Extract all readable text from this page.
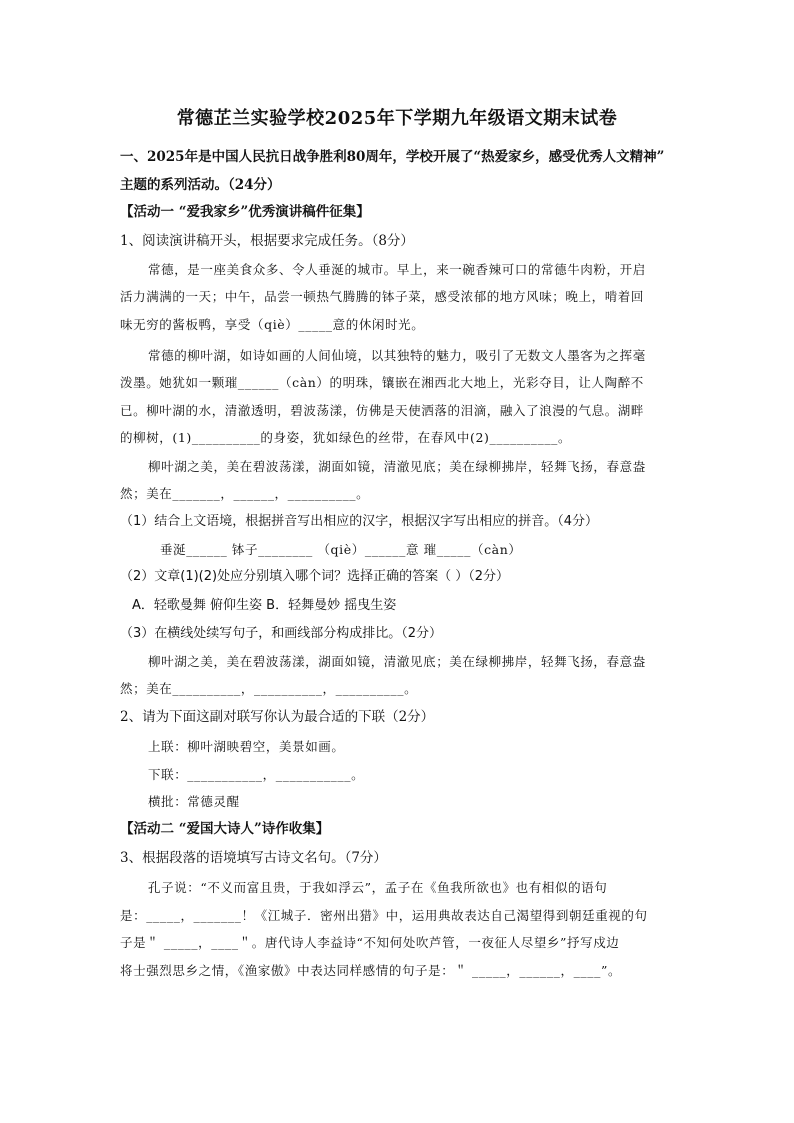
常德芷兰实验学校2025年下学期九年级语文期末试卷
一、2025年是中国人民抗日战争胜利80周年，学校开展了“热爱家乡，感受优秀人文精神”
主题的系列活动。（24分）
【活动一 “爱我家乡”优秀演讲稿件征集】
1、阅读演讲稿开头，根据要求完成任务。（8分）
常德，是一座美食众多、令人垂涎的城市。早上，来一碗香辣可口的常德牛肉粉，开启
活力满满的一天；中午，品尝一顿热气腾腾的钵子菜，感受浓郁的地方风味；晚上，啃着回
味无穷的酱板鸭，享受（qiè）_____意的休闲时光。
常德的柳叶湖，如诗如画的人间仙境，以其独特的魅力，吸引了无数文人墨客为之挥毫
泼墨。她犹如一颗璀______（càn）的明珠，镶嵌在湘西北大地上，光彩夺目，让人陶醉不
已。柳叶湖的水，清澈透明，碧波荡漾，仿佛是天使洒落的泪滴，融入了浪漫的气息。湖畔
的柳树，(1)__________的身姿，犹如绿色的丝带，在春风中(2)__________。
柳叶湖之美，美在碧波荡漾，湖面如镜，清澈见底；美在绿柳拂岸，轻舞飞扬，春意盎
然；美在_______，______，__________。
（1）结合上文语境，根据拼音写出相应的汉字，根据汉字写出相应的拼音。（4分）
垂涎______ 钵子________ （qiè）______意 璀_____（càn）
（2）文章(1)(2)处应分别填入哪个词？选择正确的答案（ ）（2分）
A．轻歌曼舞 俯仰生姿 B．轻舞曼妙 摇曳生姿
（3）在横线处续写句子，和画线部分构成排比。（2分）
柳叶湖之美，美在碧波荡漾，湖面如镜，清澈见底；美在绿柳拂岸，轻舞飞扬，春意盎
然；美在__________，__________，__________。
2、请为下面这副对联写你认为最合适的下联（2分）
上联：柳叶湖映碧空，美景如画。
下联：___________，___________。
横批：常德灵醒
【活动二 “爱国大诗人”诗作收集】
3、根据段落的语境填写古诗文名句。（7分）
孔子说：“不义而富且贵，于我如浮云”，孟子在《鱼我所欲也》也有相似的语句
是：_____，_______！《江城子．密州出猎》中，运用典故表达自己渴望得到朝廷重视的句
子是＂ _____，____＂。唐代诗人李益诗“不知何处吹芦管，一夜征人尽望乡”抒写戍边
将士强烈思乡之情，《渔家傲》中表达同样感情的句子是：＂ _____，______，____”。
